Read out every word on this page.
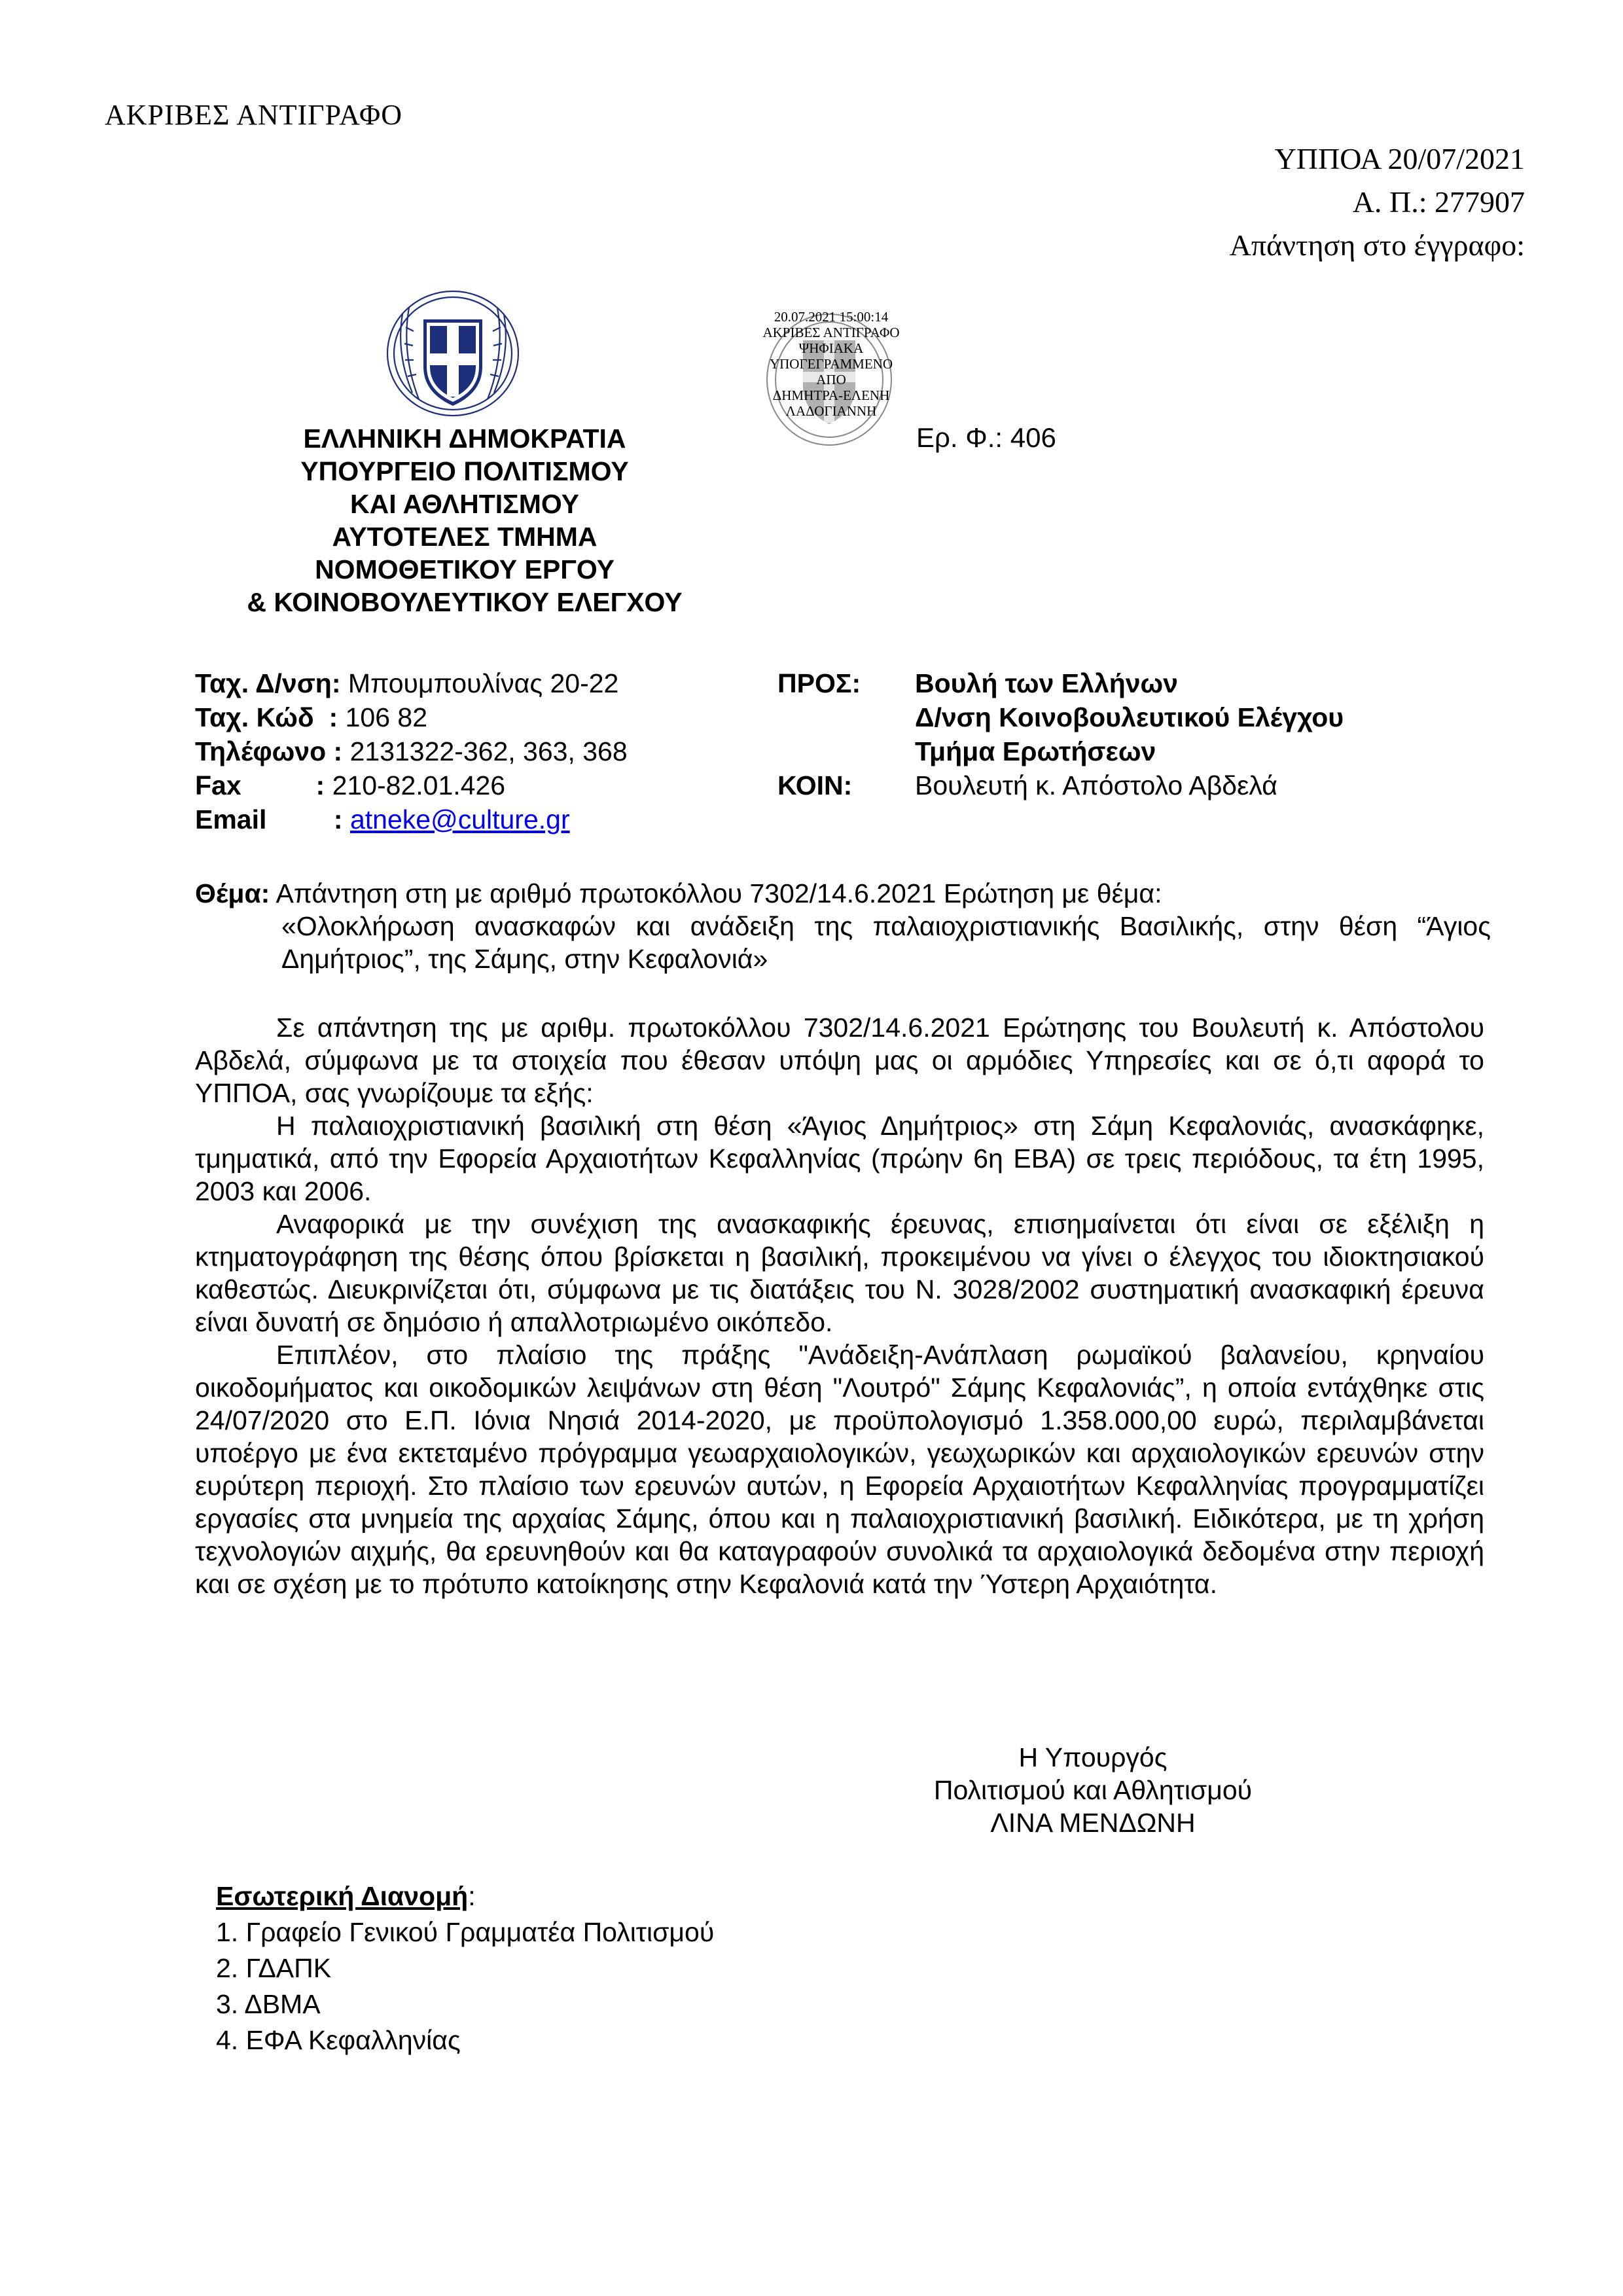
ΑΚΡΙΒΕΣ ΑΝΤΙΓΡΑΦΟ
ΥΠΠΟΑ 20/07/2021
Α. Π.: 277907
Απάντηση στο έγγραφο:
20.07.2021 15:00:14
ΑΚΡΙΒΕΣ ΑΝΤΙΓΡΑΦΟ
ΨΗΦΙΑΚΑ
ΥΠΟΓΕΓΡΑΜΜΕΝΟ
ΑΠΟ
ΔΗΜΗΤΡΑ-ΕΛΕΝΗ
ΛΑΔΟΓΙΑΝΝΗ
ΕΛΛΗΝΙΚΗ ΔΗΜΟΚΡΑΤΙΑ
ΥΠΟΥΡΓΕΙΟ ΠΟΛΙΤΙΣΜΟΥ
ΚΑΙ ΑΘΛΗΤΙΣΜΟΥ
ΑΥΤΟΤΕΛΕΣ ΤΜΗΜΑ
ΝΟΜΟΘΕΤΙΚΟΥ ΕΡΓΟΥ
& ΚΟΙΝΟΒΟΥΛΕΥΤΙΚΟΥ ΕΛΕΓΧΟΥ
Ερ. Φ.: 406
Ταχ. Δ/νση: Μπουμπουλίνας 20-22
Ταχ. Κώδ  : 106 82
Τηλέφωνο : 2131322-362, 363, 368
Fax          : 210-82.01.426
Email         :
atneke@culture.gr
ΠΡΟΣ:	Βουλή των Ελλήνων
Δ/νση Κοινοβουλευτικού Ελέγχου
Τμήμα Ερωτήσεων
ΚΟΙΝ:	Βουλευτή κ. Απόστολο Αβδελά
Θέμα: Απάντηση στη με αριθμό πρωτοκόλλου 7302/14.6.2021 Ερώτηση με θέμα:
«Ολοκλήρωση ανασκαφών και ανάδειξη της παλαιοχριστιανικής Βασιλικής, στην θέση “Άγιος Δημήτριος”, της Σάμης, στην Κεφαλονιά»

Σε απάντηση της με αριθμ. πρωτοκόλλου 7302/14.6.2021 Ερώτησης του Βουλευτή κ. Απόστολου Αβδελά, σύμφωνα με τα στοιχεία που έθεσαν υπόψη μας οι αρμόδιες Υπηρεσίες και σε ό,τι αφορά το ΥΠΠΟΑ, σας γνωρίζουμε τα εξής:

Η παλαιοχριστιανική βασιλική στη θέση «Άγιος Δημήτριος» στη Σάμη Κεφαλονιάς, ανασκάφηκε, τμηματικά, από την Εφορεία Αρχαιοτήτων Κεφαλληνίας (πρώην 6η ΕΒΑ) σε τρεις περιόδους, τα έτη 1995, 2003 και 2006.

Αναφορικά με την συνέχιση της ανασκαφικής έρευνας, επισημαίνεται ότι είναι σε εξέλιξη η κτηματογράφηση της θέσης όπου βρίσκεται η βασιλική, προκειμένου να γίνει ο έλεγχος του ιδιοκτησιακού καθεστώς. Διευκρινίζεται ότι, σύμφωνα με τις διατάξεις του Ν. 3028/2002 συστηματική ανασκαφική έρευνα είναι δυνατή σε δημόσιο ή απαλλοτριωμένο οικόπεδο.

Επιπλέον, στο πλαίσιο της πράξης "Ανάδειξη-Ανάπλαση ρωμαϊκού βαλανείου, κρηναίου οικοδομήματος και οικοδομικών λειψάνων στη θέση "Λουτρό" Σάμης Κεφαλονιάς”, η οποία εντάχθηκε στις 24/07/2020 στο Ε.Π. Ιόνια Νησιά 2014-2020, με προϋπολογισμό 1.358.000,00 ευρώ, περιλαμβάνεται υποέργο με ένα εκτεταμένο πρόγραμμα γεωαρχαιολογικών, γεωχωρικών και αρχαιολογικών ερευνών στην ευρύτερη περιοχή. Στο πλαίσιο των ερευνών αυτών, η Εφορεία Αρχαιοτήτων Κεφαλληνίας προγραμματίζει εργασίες στα μνημεία της αρχαίας Σάμης, όπου και η παλαιοχριστιανική βασιλική. Ειδικότερα, με τη χρήση τεχνολογιών αιχμής, θα ερευνηθούν και θα καταγραφούν συνολικά τα αρχαιολογικά δεδομένα στην περιοχή και σε σχέση με το πρότυπο κατοίκησης στην Κεφαλονιά κατά την Ύστερη Αρχαιότητα.

Η Υπουργός
Πολιτισμού και Αθλητισμού
ΛΙΝΑ ΜΕΝΔΩΝΗ
Εσωτερική Διανομή:
1. Γραφείο Γενικού Γραμματέα Πολιτισμού
2. ΓΔΑΠΚ
3. ΔΒΜΑ
4. ΕΦΑ Κεφαλληνίας
